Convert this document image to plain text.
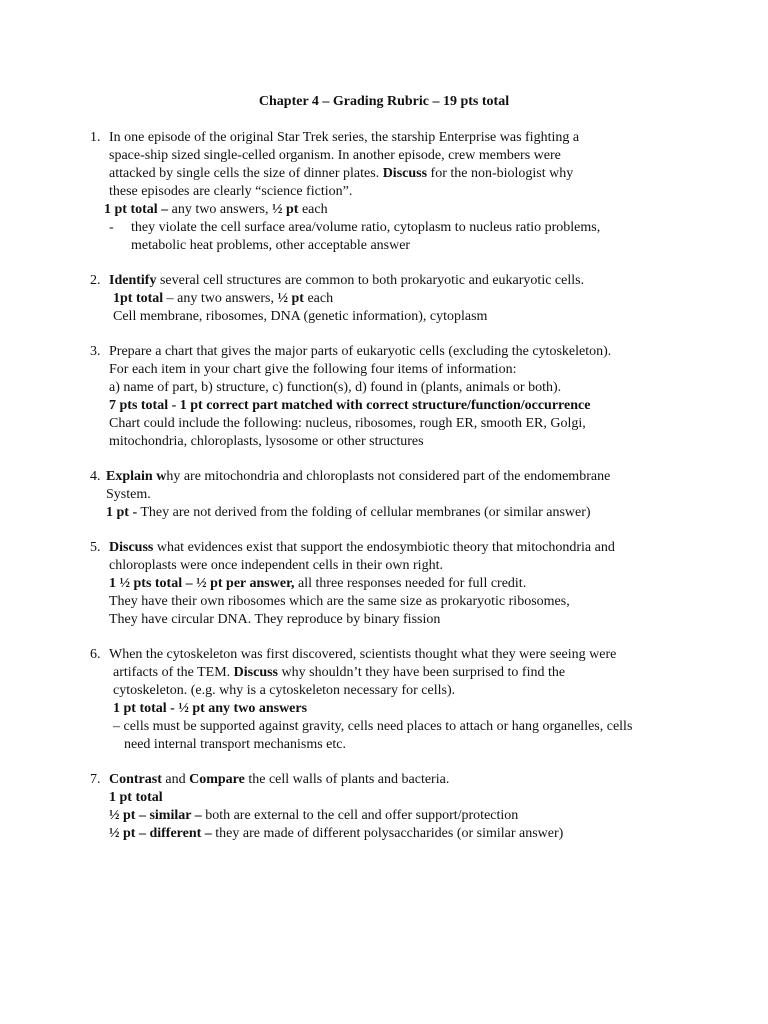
Chapter 4 – Grading Rubric – 19 pts total
1. In one episode of the original Star Trek series, the starship Enterprise was fighting a
space-ship sized single-celled organism. In another episode, crew members were
attacked by single cells the size of dinner plates. Discuss for the non-biologist why
these episodes are clearly “science fiction”.
1 pt total – any two answers, ½ pt each
- they violate the cell surface area/volume ratio, cytoplasm to nucleus ratio problems,
metabolic heat problems, other acceptable answer
2. Identify several cell structures are common to both prokaryotic and eukaryotic cells.
1pt total – any two answers, ½ pt each
Cell membrane, ribosomes, DNA (genetic information), cytoplasm
3. Prepare a chart that gives the major parts of eukaryotic cells (excluding the cytoskeleton).
For each item in your chart give the following four items of information:
a) name of part, b) structure, c) function(s), d) found in (plants, animals or both).
7 pts total - 1 pt correct part matched with correct structure/function/occurrence
Chart could include the following: nucleus, ribosomes, rough ER, smooth ER, Golgi,
mitochondria, chloroplasts, lysosome or other structures
4. Explain why are mitochondria and chloroplasts not considered part of the endomembrane
System.
1 pt - They are not derived from the folding of cellular membranes (or similar answer)
5. Discuss what evidences exist that support the endosymbiotic theory that mitochondria and
chloroplasts were once independent cells in their own right.
1 ½ pts total – ½ pt per answer, all three responses needed for full credit.
They have their own ribosomes which are the same size as prokaryotic ribosomes,
They have circular DNA. They reproduce by binary fission
6. When the cytoskeleton was first discovered, scientists thought what they were seeing were
artifacts of the TEM. Discuss why shouldn’t they have been surprised to find the
cytoskeleton. (e.g. why is a cytoskeleton necessary for cells).
1 pt total - ½ pt any two answers
– cells must be supported against gravity, cells need places to attach or hang organelles, cells
need internal transport mechanisms etc.
7. Contrast and Compare the cell walls of plants and bacteria.
1 pt total
½ pt – similar – both are external to the cell and offer support/protection
½ pt – different – they are made of different polysaccharides (or similar answer)
